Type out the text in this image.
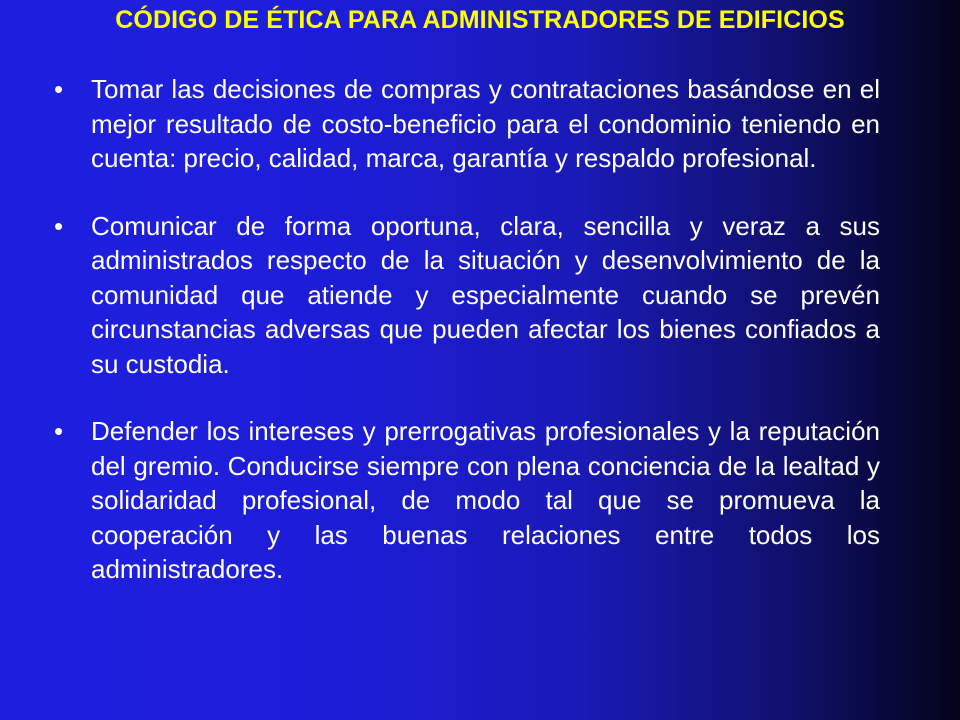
CÓDIGO DE ÉTICA PARA ADMINISTRADORES DE EDIFICIOS
•	Tomar las decisiones de compras y contrataciones basándose en el mejor resultado de costo-beneficio para el condominio teniendo en cuenta: precio, calidad, marca, garantía y respaldo profesional.
•	Comunicar de forma oportuna, clara, sencilla y veraz a sus administrados respecto de la situación y desenvolvimiento de la comunidad que atiende y especialmente cuando se prevén circunstancias adversas que pueden afectar los bienes confiados a su custodia.
•	Defender los intereses y prerrogativas profesionales y la reputación del gremio. Conducirse siempre con plena conciencia de la lealtad y solidaridad profesional, de modo tal que se promueva la cooperación y las buenas relaciones entre todos los administradores.
